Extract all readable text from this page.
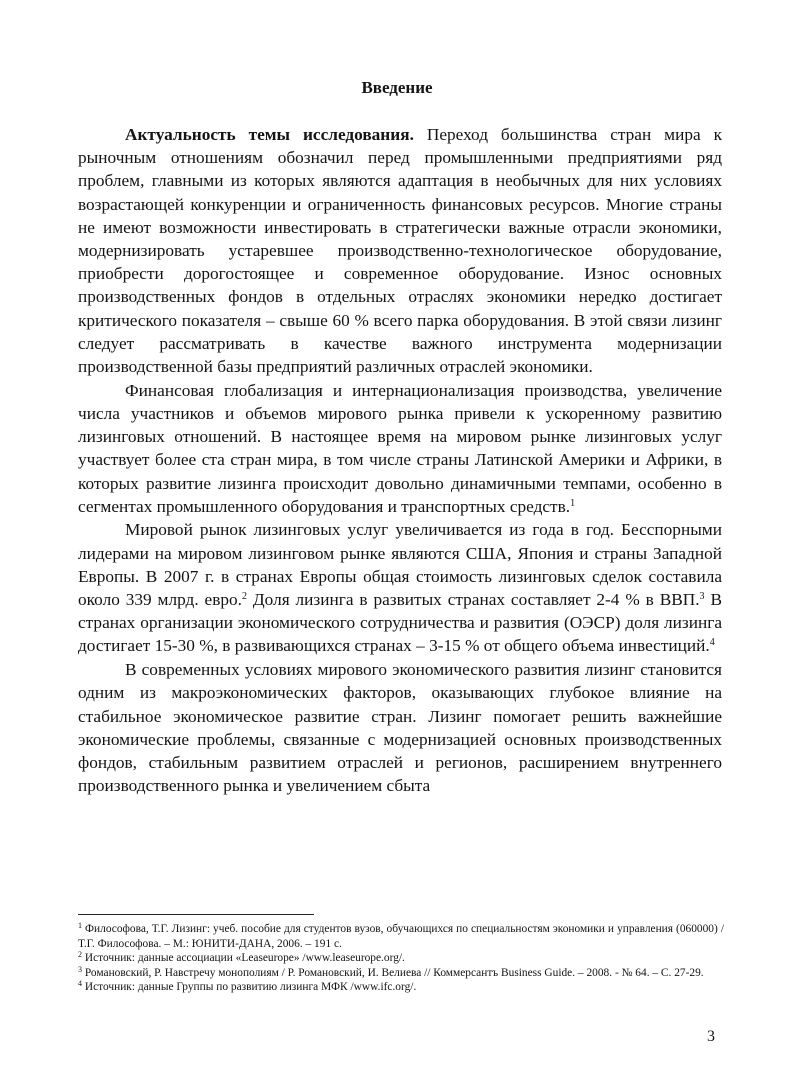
Введение

Актуальность темы исследования. Переход большинства стран мира к рыночным отношениям обозначил перед промышленными предприятиями ряд проблем, главными из которых являются адаптация в необычных для них условиях возрастающей конкуренции и ограниченность финансовых ресурсов. Многие страны не имеют возможности инвестировать в стратегически важные отрасли экономики, модернизировать устаревшее производственно-технологическое оборудование, приобрести дорогостоящее и современное оборудование. Износ основных производственных фондов в отдельных отраслях экономики нередко достигает критического показателя – свыше 60 % всего парка оборудования. В этой связи лизинг следует рассматривать в качестве важного инструмента модернизации производственной базы предприятий различных отраслей экономики.

Финансовая глобализация и интернационализация производства, увеличение числа участников и объемов мирового рынка привели к ускоренному развитию лизинговых отношений. В настоящее время на мировом рынке лизинговых услуг участвует более ста стран мира, в том числе страны Латинской Америки и Африки, в которых развитие лизинга происходит довольно динамичными темпами, особенно в сегментах промышленного оборудования и транспортных средств.$^1$

Мировой рынок лизинговых услуг увеличивается из года в год. Бесспорными лидерами на мировом лизинговом рынке являются США, Япония и страны Западной Европы. В 2007 г. в странах Европы общая стоимость лизинговых сделок составила около 339 млрд. евро.$^2$ Доля лизинга в развитых странах составляет 2-4 % в ВВП.$^3$ В странах организации экономического сотрудничества и развития (ОЭСР) доля лизинга достигает 15-30 %, в развивающихся странах – 3-15 % от общего объема инвестиций.$^4$

В современных условиях мирового экономического развития лизинг становится одним из макроэкономических факторов, оказывающих глубокое влияние на стабильное экономическое развитие стран. Лизинг помогает решить важнейшие экономические проблемы, связанные с модернизацией основных производственных фондов, стабильным развитием отраслей и регионов, расширением внутреннего производственного рынка и увеличением сбыта

$^1$ Философова, Т.Г. Лизинг: учеб. пособие для студентов вузов, обучающихся по специальностям экономики и управления (060000) / Т.Г. Философова. – М.: ЮНИТИ-ДАНА, 2006. – 191 с.

$^2$ Источник: данные ассоциации «Leaseurope» /www.leaseurope.org/.

$^3$ Романовский, Р. Навстречу монополиям / Р. Романовский, И. Велиева // Коммерсантъ Business Guide. – 2008. - № 64. – С. 27-29.

$^4$ Источник: данные Группы по развитию лизинга МФК /www.ifc.org/.

3
